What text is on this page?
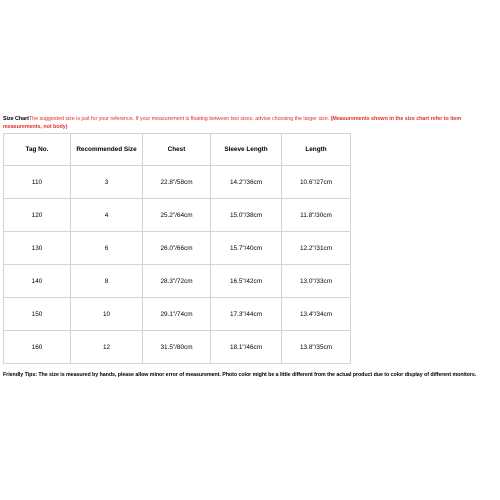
Size ChartThe suggested size is just for your reference. If your measurement is floating between two sizes, advise choosing the larger size. (Measurements shown in the size chart refer to item measurements, not body)
Tag No.	Recommended Size	Chest	Sleeve Length	Length
110	3	22.8"/58cm	14.2"/36cm	10.6"/27cm
120	4	25.2"/64cm	15.0"/38cm	11.8"/30cm
130	6	26.0"/66cm	15.7"/40cm	12.2"/31cm
140	8	28.3"/72cm	16.5"/42cm	13.0"/33cm
150	10	29.1"/74cm	17.3"/44cm	13.4"/34cm
160	12	31.5"/80cm	18.1"/46cm	13.8"/35cm
Friendly Tips: The size is measured by hands, please allow minor error of measurement. Photo color might be a little different from the actual product due to color display of different monitors.
